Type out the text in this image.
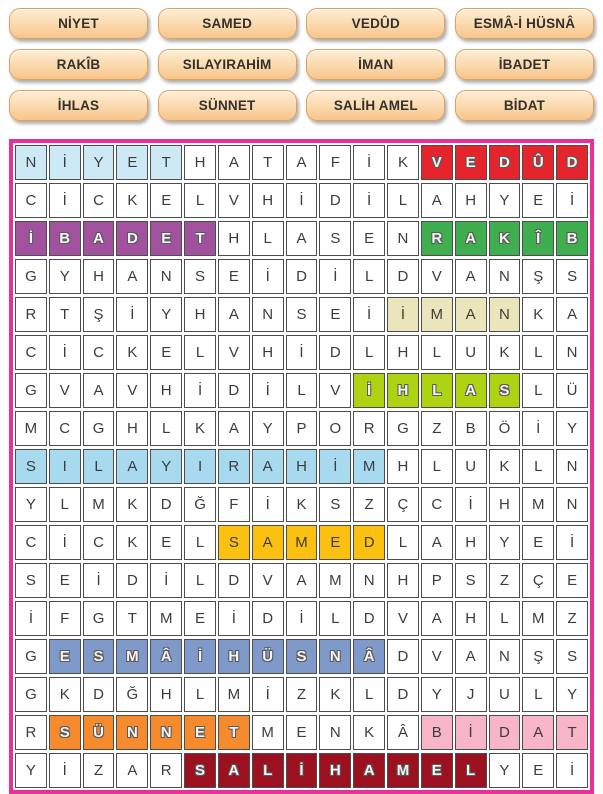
NİYET	SAMED	VEDÛD	ESMÂ-İ HÜSNÂ
RAKÎB	SILAYIRAHİM	İMAN	İBADET
İHLAS	SÜNNET	SALİH AMEL	BİDAT
N	İ	Y	E	T	H	A	T	A	F	İ	K	V	E	D	Û	D
C	İ	C	K	E	L	V	H	İ	D	İ	L	A	H	Y	E	İ
İ	B	A	D	E	T	H	L	A	S	E	N	R	A	K	Î	B
G	Y	H	A	N	S	E	İ	D	İ	L	D	V	A	N	Ş	S
R	T	Ş	İ	Y	H	A	N	S	E	İ	İ	M	A	N	K	A
C	İ	C	K	E	L	V	H	İ	D	L	H	L	U	K	L	N
G	V	A	V	H	İ	D	İ	L	V	İ	H	L	A	S	L	Ü
M	C	G	H	L	K	A	Y	P	O	R	G	Z	B	Ö	İ	Y
S	I	L	A	Y	I	R	A	H	İ	M	H	L	U	K	L	N
Y	L	M	K	D	Ğ	F	İ	K	S	Z	Ç	C	İ	H	M	N
C	İ	C	K	E	L	S	A	M	E	D	L	A	H	Y	E	İ
S	E	İ	D	İ	L	D	V	A	M	N	H	P	S	Z	Ç	E
İ	F	G	T	M	E	İ	D	İ	L	D	V	A	H	L	M	Z
G	E	S	M	Â	İ	H	Ü	S	N	Â	D	V	A	N	Ş	S
G	K	D	Ğ	H	L	M	İ	Z	K	L	D	Y	J	U	L	Y
R	S	Ü	N	N	E	T	M	E	N	K	Â	B	İ	D	A	T
Y	İ	Z	A	R	S	A	L	İ	H	A	M	E	L	Y	E	İ
